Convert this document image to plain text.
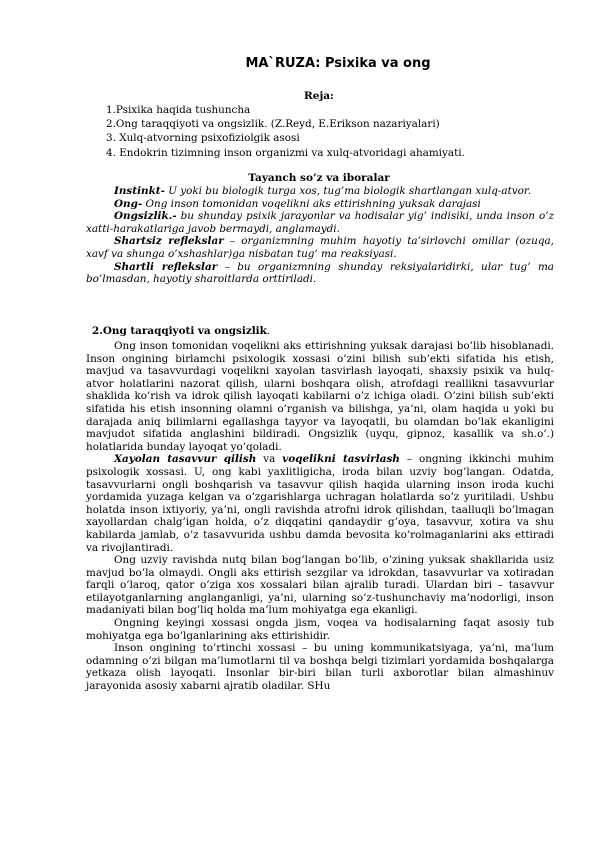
MA`RUZA: Psixika va ong
Reja:
1.Psixika haqida tushuncha
2.Ong taraqqiyoti va ongsizlik. (Z.Reyd, E.Erikson nazariyalari)
3. Xulq-atvorning psixofiziolgik asosi
4. Endokrin tizimning inson organizmi va xulq-atvoridagi ahamiyati.
Tayanch so’z va iboralar

Instinkt- U yoki bu biologik turga xos, tug’ma biologik shartlangan xulq-atvor.

Ong- Ong inson tomonidan voqelikni aks ettirishning yuksak darajasi

Ongsizlik.- bu shunday psixik jarayonlar va hodisalar yig’ indisiki, unda inson o’z xatti-harakatlariga javob bermaydi, anglamaydi.

Shartsiz reflekslar – organizmning muhim hayotiy ta’sirlovchi omillar (ozuqa, xavf va shunga o’xshashlar)ga nisbatan tug’ ma reaksiyasi.

Shartli reflekslar – bu organizmning shunday reksiyalaridirki, ular tug’ ma bo’lmasdan, hayotiy sharoitlarda orttiriladi.

2.Ong taraqqiyoti va ongsizlik.

Ong inson tomonidan voqelikni aks ettirishning yuksak darajasi bo’lib hisoblanadi. Inson ongining birlamchi psixologik xossasi o’zini bilish sub’ekti sifatida his etish, mavjud va tasavvurdagi voqelikni xayolan tasvirlash layoqati, shaxsiy psixik va hulq-atvor holatlarini nazorat qilish, ularni boshqara olish, atrofdagi reallikni tasavvurlar shaklida ko’rish va idrok qilish layoqati kabilarni o’z ichiga oladi. O’zini bilish sub’ekti sifatida his etish insonning olamni o’rganish va bilishga, ya’ni, olam haqida u yoki bu darajada aniq bilimlarni egallashga tayyor va layoqatli, bu olamdan bo’lak ekanligini mavjudot sifatida anglashini bildiradi. Ongsizlik (uyqu, gipnoz, kasallik va sh.o’.) holatlarida bunday layoqat yo’qoladi.

Xayolan tasavvur qilish va voqelikni tasvirlash – ongning ikkinchi muhim psixologik xossasi. U, ong kabi yaxlitligicha, iroda bilan uzviy bog’langan. Odatda, tasavvurlarni ongli boshqarish va tasavvur qilish haqida ularning inson iroda kuchi yordamida yuzaga kelgan va o’zgarishlarga uchragan holatlarda so’z yuritiladi. Ushbu holatda inson ixtiyoriy, ya’ni, ongli ravishda atrofni idrok qilishdan, taalluqli bo’lmagan xayollardan chalg’igan holda, o’z diqqatini qandaydir g’oya, tasavvur, xotira va shu kabilarda jamlab, o’z tasavvurida ushbu damda bevosita ko’rolmaganlarini aks ettiradi va rivojlantiradi.

Ong uzviy ravishda nutq bilan bog’langan bo’lib, o’zining yuksak shakllarida usiz mavjud bo’la olmaydi. Ongli aks ettirish sezgilar va idrokdan, tasavvurlar va xotiradan farqli o’laroq, qator o’ziga xos xossalari bilan ajralib turadi. Ulardan biri – tasavvur etilayotganlarning anglanganligi, ya’ni, ularning so’z-tushunchaviy ma’nodorligi, inson madaniyati bilan bog’liq holda ma’lum mohiyatga ega ekanligi.

Ongning keyingi xossasi ongda jism, voqea va hodisalarning faqat asosiy tub mohiyatga ega bo’lganlarining aks ettirishidir.

Inson ongining to’rtinchi xossasi – bu uning kommunikatsiyaga, ya’ni, ma’lum odamning o’zi bilgan ma’lumotlarni til va boshqa belgi tizimlari yordamida boshqalarga yetkaza olish layoqati. Insonlar bir-biri bilan turli axborotlar bilan almashinuv jarayonida asosiy xabarni ajratib oladilar. SHu
